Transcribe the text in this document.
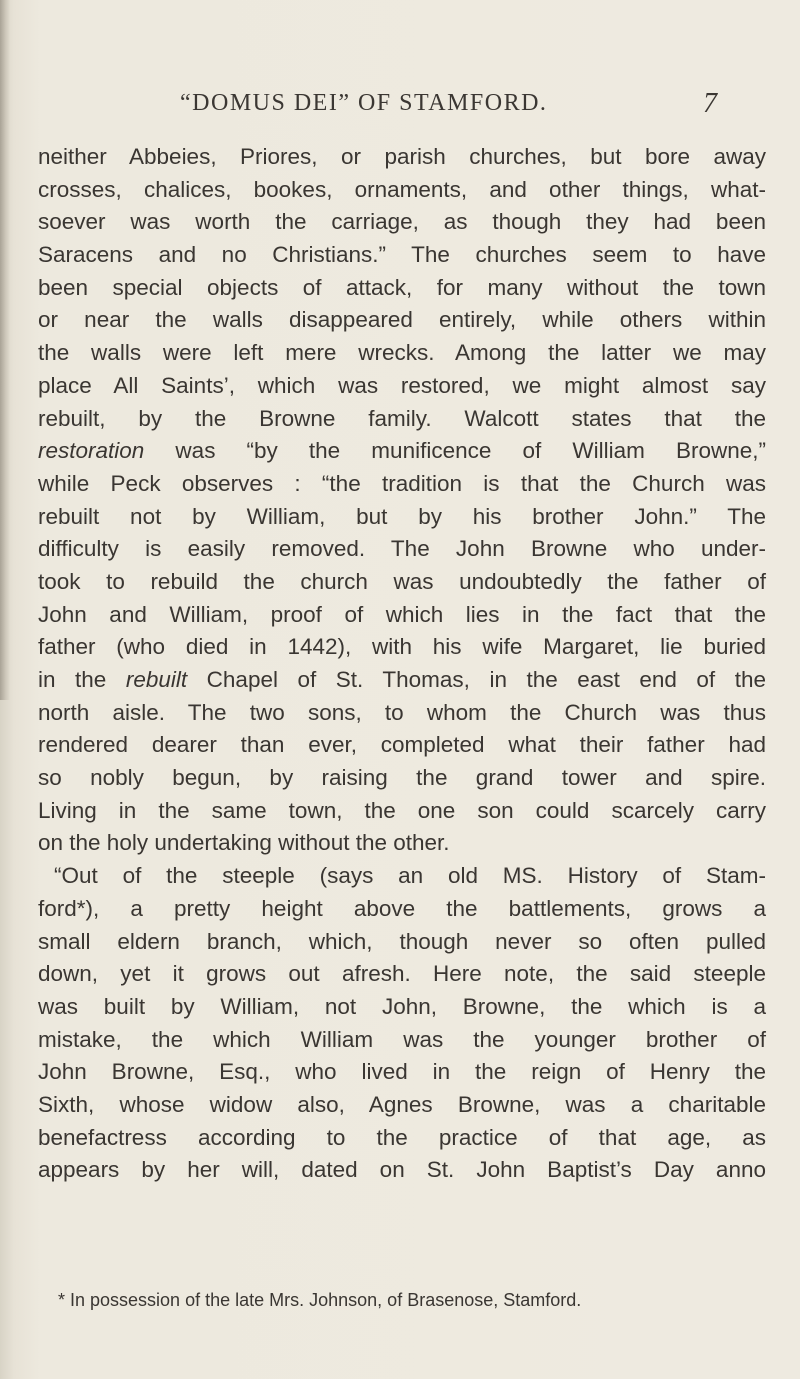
“DOMUS DEI” OF STAMFORD.	7
neither Abbeies, Priores, or parish churches, but bore away
crosses, chalices, bookes, ornaments, and other things, what-
soever was worth the carriage, as though they had been
Saracens and no Christians.” The churches seem to have
been special objects of attack, for many without the town
or near the walls disappeared entirely, while others within
the walls were left mere wrecks. Among the latter we may
place All Saints’, which was restored, we might almost say
rebuilt, by the Browne family. Walcott states that the
restoration was “by the munificence of William Browne,”
while Peck observes : “the tradition is that the Church was
rebuilt not by William, but by his brother John.” The
difficulty is easily removed. The John Browne who under-
took to rebuild the church was undoubtedly the father of
John and William, proof of which lies in the fact that the
father (who died in 1442), with his wife Margaret, lie buried
in the rebuilt Chapel of St. Thomas, in the east end of the
north aisle. The two sons, to whom the Church was thus
rendered dearer than ever, completed what their father had
so nobly begun, by raising the grand tower and spire.
Living in the same town, the one son could scarcely carry
on the holy undertaking without the other.
“Out of the steeple (says an old MS. History of Stam-
ford*), a pretty height above the battlements, grows a
small eldern branch, which, though never so often pulled
down, yet it grows out afresh. Here note, the said steeple
was built by William, not John, Browne, the which is a
mistake, the which William was the younger brother of
John Browne, Esq., who lived in the reign of Henry the
Sixth, whose widow also, Agnes Browne, was a charitable
benefactress according to the practice of that age, as
appears by her will, dated on St. John Baptist’s Day anno
* In possession of the late Mrs. Johnson, of Brasenose, Stamford.
